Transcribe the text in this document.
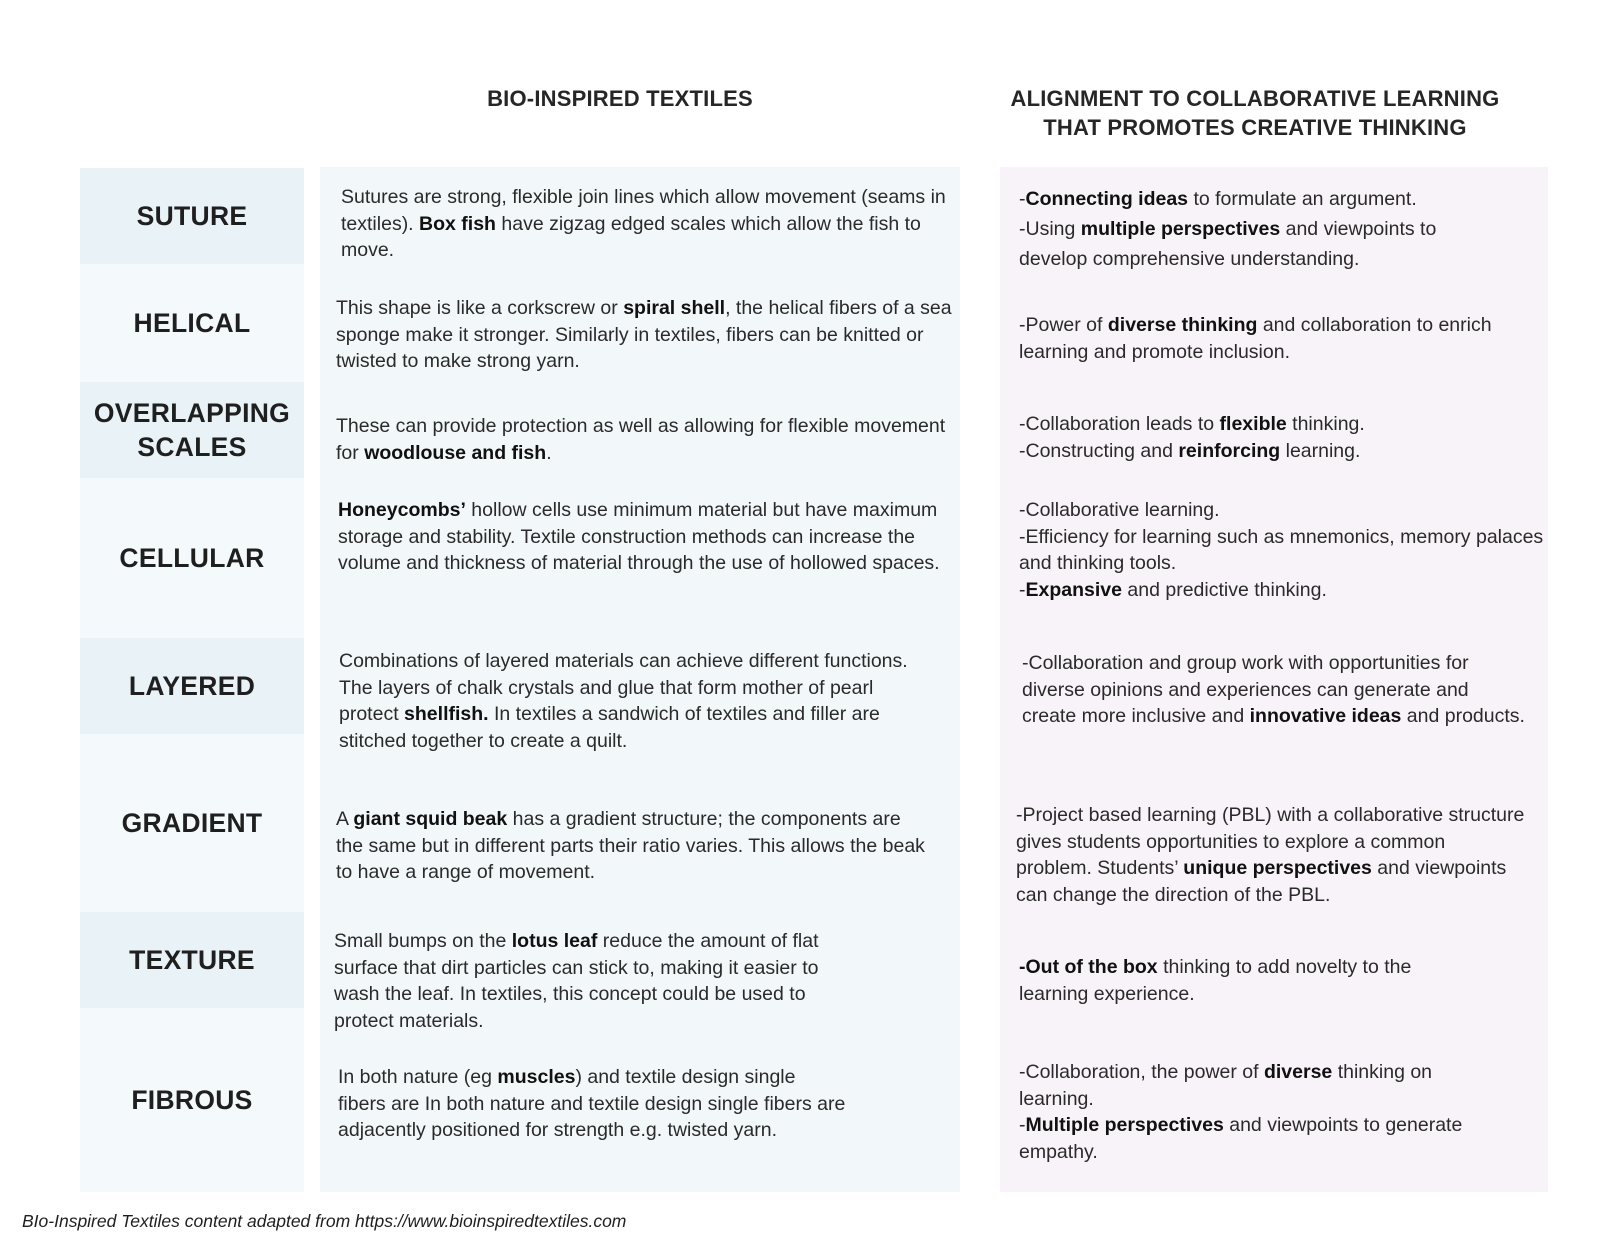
BIO-INSPIRED TEXTILES	ALIGNMENT TO COLLABORATIVE LEARNING
THAT PROMOTES CREATIVE THINKING
SUTURE
HELICAL
OVERLAPPING
SCALES
CELLULAR
LAYERED
GRADIENT
TEXTURE
FIBROUS
Sutures are strong, flexible join lines which allow movement (seams in textiles). Box fish have zigzag edged scales which allow the fish to move.
This shape is like a corkscrew or spiral shell, the helical fibers of a sea sponge make it stronger. Similarly in textiles, fibers can be knitted or twisted to make strong yarn.
These can provide protection as well as allowing for flexible movement for woodlouse and fish.
Honeycombs’ hollow cells use minimum material but have maximum storage and stability. Textile construction methods can increase the volume and thickness of material through the use of hollowed spaces.
Combinations of layered materials can achieve different functions. The layers of chalk crystals and glue that form mother of pearl protect shellfish. In textiles a sandwich of textiles and filler are stitched together to create a quilt.
A giant squid beak has a gradient structure; the components are the same but in different parts their ratio varies. This allows the beak to have a range of movement.
Small bumps on the lotus leaf reduce the amount of flat surface that dirt particles can stick to, making it easier to wash the leaf. In textiles, this concept could be used to protect materials.
In both nature (eg muscles) and textile design single fibers are In both nature and textile design single fibers are adjacently positioned for strength e.g. twisted yarn.
-Connecting ideas to formulate an argument.
-Using multiple perspectives and viewpoints to develop comprehensive understanding.
-Power of diverse thinking and collaboration to enrich learning and promote inclusion.
-Collaboration leads to flexible thinking.
-Constructing and reinforcing learning.
-Collaborative learning.
-Efficiency for learning such as mnemonics, memory palaces and thinking tools.
-Expansive and predictive thinking.
-Collaboration and group work with opportunities for diverse opinions and experiences can generate and create more inclusive and innovative ideas and products.
-Project based learning (PBL) with a collaborative structure gives students opportunities to explore a common problem. Students’ unique perspectives and viewpoints can change the direction of the PBL.
-Out of the box thinking to add novelty to the learning experience.
-Collaboration, the power of diverse thinking on learning.
-Multiple perspectives and viewpoints to generate empathy.
BIo-Inspired Textiles content adapted from https://www.bioinspiredtextiles.com
